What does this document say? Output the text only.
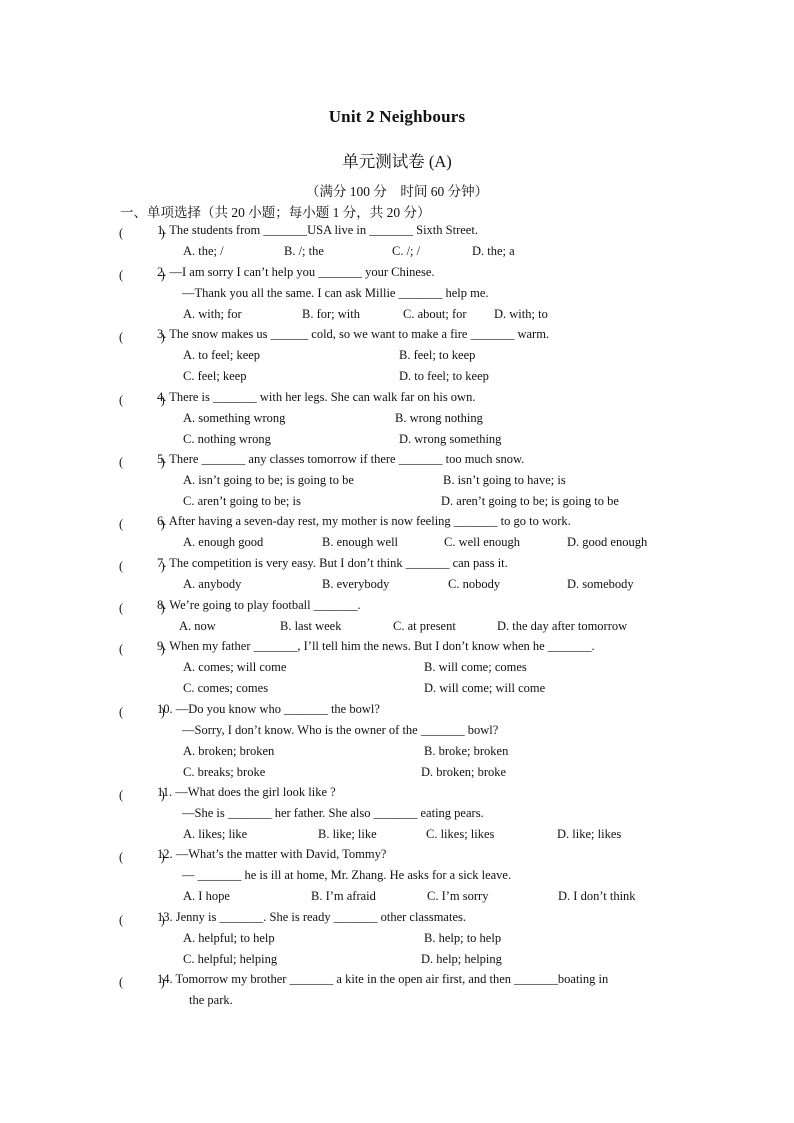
Unit 2 Neighbours
单元测试卷 (A)
（满分 100 分　时间 60 分钟）
一、单项选择（共 20 小题；每小题 1 分，共 20 分）
(　　　)
1. The students from _______USA live in _______ Sixth Street.
A. the; /	B. /; the	C. /; /	D. the; a
(　　　)
2. —I am sorry I can’t help you _______ your Chinese.
—Thank you all the same. I can ask Millie _______ help me.
A. with; for	B. for; with	C. about; for D. with; to
(　　　)
3. The snow makes us ______ cold, so we want to make a fire _______ warm.
A. to feel; keep	B. feel; to keep
C. feel; keep	D. to feel; to keep
(　　　)
4. There is _______ with her legs. She can walk far on his own.
A. something wrong	B. wrong nothing
C. nothing wrong	D. wrong something
(　　　)
5. There _______ any classes tomorrow if there _______ too much snow.
A. isn’t going to be; is going to be	B. isn’t going to have; is
C. aren’t going to be; is	D. aren’t going to be; is going to be
(　　　)
6. After having a seven-day rest, my mother is now feeling _______ to go to work.
A. enough good	B. enough well	C. well enough	D. good enough
(　　　)
7. The competition is very easy. But I don’t think _______ can pass it.
A. anybody	B. everybody	C. nobody	D. somebody
(　　　)
8. We’re going to play football _______.
A. now	B. last week	C. at present	D. the day after tomorrow
(　　　)
9. When my father _______, I’ll tell him the news. But I don’t know when he _______.
A. comes; will come	B. will come; comes
C. comes; comes	D. will come; will come
(　　　)
10. —Do you know who _______ the bowl?
—Sorry, I don’t know. Who is the owner of the _______ bowl?
A. broken; broken	B. broke; broken
C. breaks; broke	D. broken; broke
(　　　)
11. —What does the girl look like ?
—She is _______ her father. She also _______ eating pears.
A. likes; like	B. like; like	C. likes; likes	D. like; likes
(　　　)
12. —What’s the matter with David, Tommy?
— _______ he is ill at home, Mr. Zhang. He asks for a sick leave.
A. I hope	B. I’m afraid	C. I’m sorry	D. I don’t think
(　　　)
13. Jenny is _______. She is ready _______ other classmates.
A. helpful; to help	B. help; to help
C. helpful; helping	D. help; helping
(　　　)
14. Tomorrow my brother _______ a kite in the open air first, and then _______boating in
the park.
